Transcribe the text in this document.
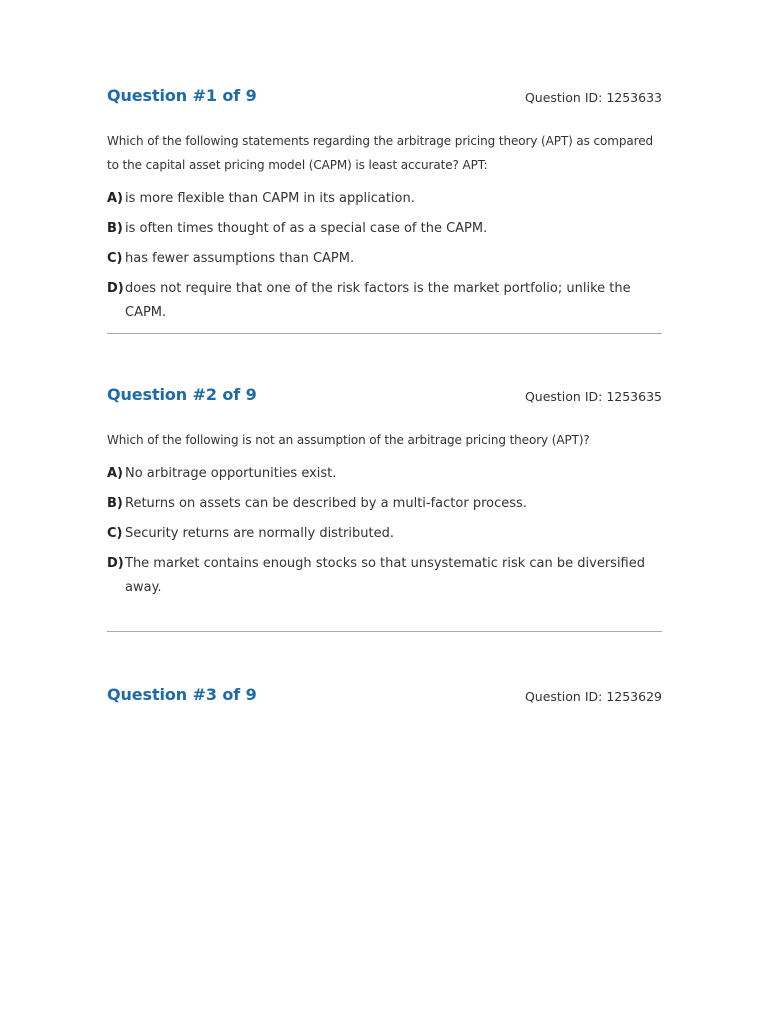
Question #1 of 9	Question ID: 1253633
Which of the following statements regarding the arbitrage pricing theory (APT) as compared to the capital asset pricing model (CAPM) is least accurate? APT:
A) is more flexible than CAPM in its application.
B) is often times thought of as a special case of the CAPM.
C) has fewer assumptions than CAPM.
D) does not require that one of the risk factors is the market portfolio; unlike the CAPM.
Question #2 of 9	Question ID: 1253635
Which of the following is not an assumption of the arbitrage pricing theory (APT)?
A) No arbitrage opportunities exist.
B) Returns on assets can be described by a multi-factor process.
C) Security returns are normally distributed.
D) The market contains enough stocks so that unsystematic risk can be diversified away.
Question #3 of 9	Question ID: 1253629
